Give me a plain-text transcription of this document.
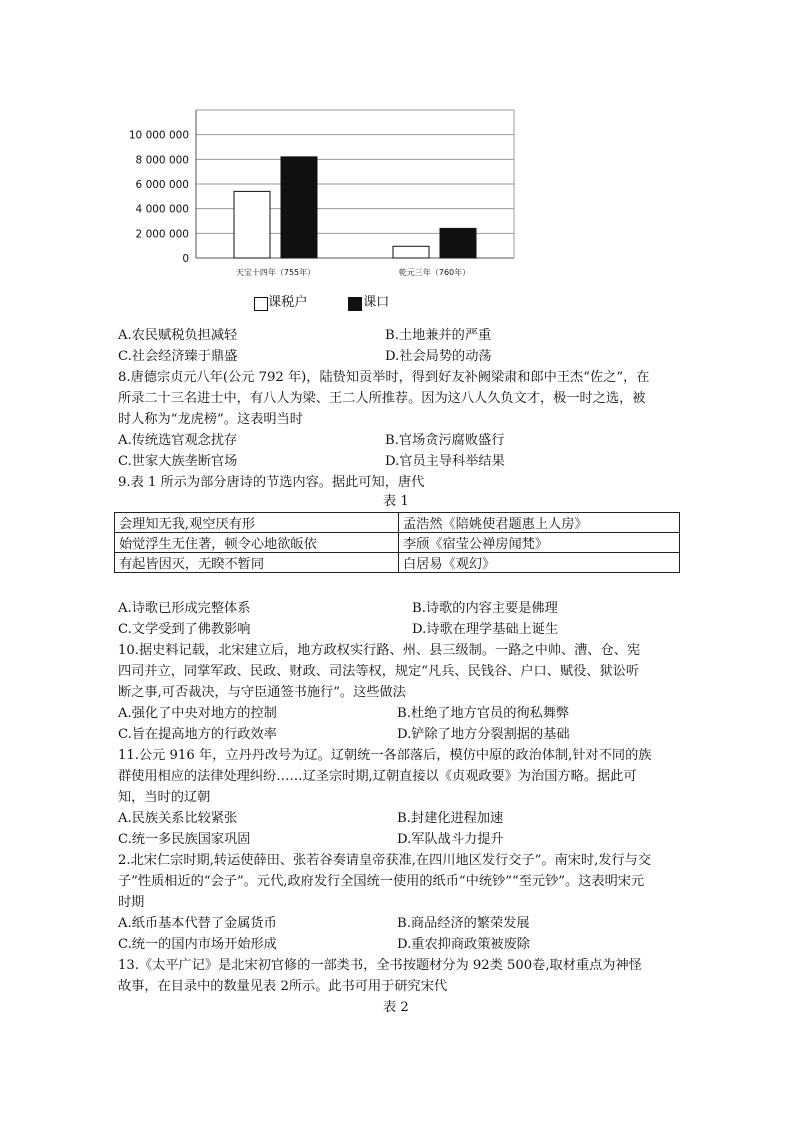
0
2 000 000
4 000 000
6 000 000
8 000 000
10 000 000
天宝十四年（755年）	乾元三年（760年）
课税户	课口
A.农民赋税负担减轻	B.土地兼并的严重
C.社会经济臻于鼎盛	D.社会局势的动荡
8.唐德宗贞元八年(公元 792 年)，陆贽知贡举时，得到好友补阙梁肃和郎中王杰“佐之”，在
所录二十三名进士中，有八人为梁、王二人所推荐。因为这八人久负文才，极一时之选，被
时人称为“龙虎榜”。这表明当时
A.传统选官观念扰存	B.官场贪污腐败盛行
C.世家大族垄断官场	D.官员主导科举结果
9.表 1 所示为部分唐诗的节选内容。据此可知，唐代
表 1
会理知无我,观空厌有形	孟浩然《陪姚使君题惠上人房》
始觉浮生无住著，顿令心地欲皈依	李颀《宿莹公禅房闻梵》
有起皆因灭，无睽不暂同	白居易《观幻》
A.诗歌已形成完整体系	B.诗歌的内容主要是佛理
C.文学受到了佛教影响	D.诗歌在理学基础上诞生
10.据史料记载，北宋建立后，地方政权实行路、州、县三级制。一路之中帅、漕、仓、宪
四司并立，同掌军政、民政、财政、司法等权，规定“凡兵、民钱谷、户口、赋役、狱讼听
断之事,可否裁决，与守臣通签书施行”。这些做法
A.强化了中央对地方的控制	B.杜绝了地方官员的徇私舞弊
C.旨在提高地方的行政效率	D.铲除了地方分裂割据的基础
11.公元 916 年，立丹丹改号为辽。辽朝统一各部落后，模仿中原的政治体制,针对不同的族
群使用相应的法律处理纠纷……辽圣宗时期,辽朝直接以《贞观政要》为治国方略。据此可
知，当时的辽朝
A.民族关系比较紧张	B.封建化进程加速
C.统一多民族国家巩固	D.军队战斗力提升
2.北宋仁宗时期,转运使薛田、张若谷奏请皇帝获准,在四川地区发行交子”。南宋时,发行与交
子”性质相近的“会子”。元代,政府发行全国统一使用的纸币“中统钞”“至元钞”。这表明宋元
时期
A.纸币基本代替了金属货币	B.商品经济的繁荣发展
C.统一的国内市场开始形成	D.重农抑商政策被废除
13.《太平广记》是北宋初官修的一部类书，全书按题材分为 92类 500卷,取材重点为神怪
故事，在目录中的数量见表 2所示。此书可用于研究宋代
表 2
